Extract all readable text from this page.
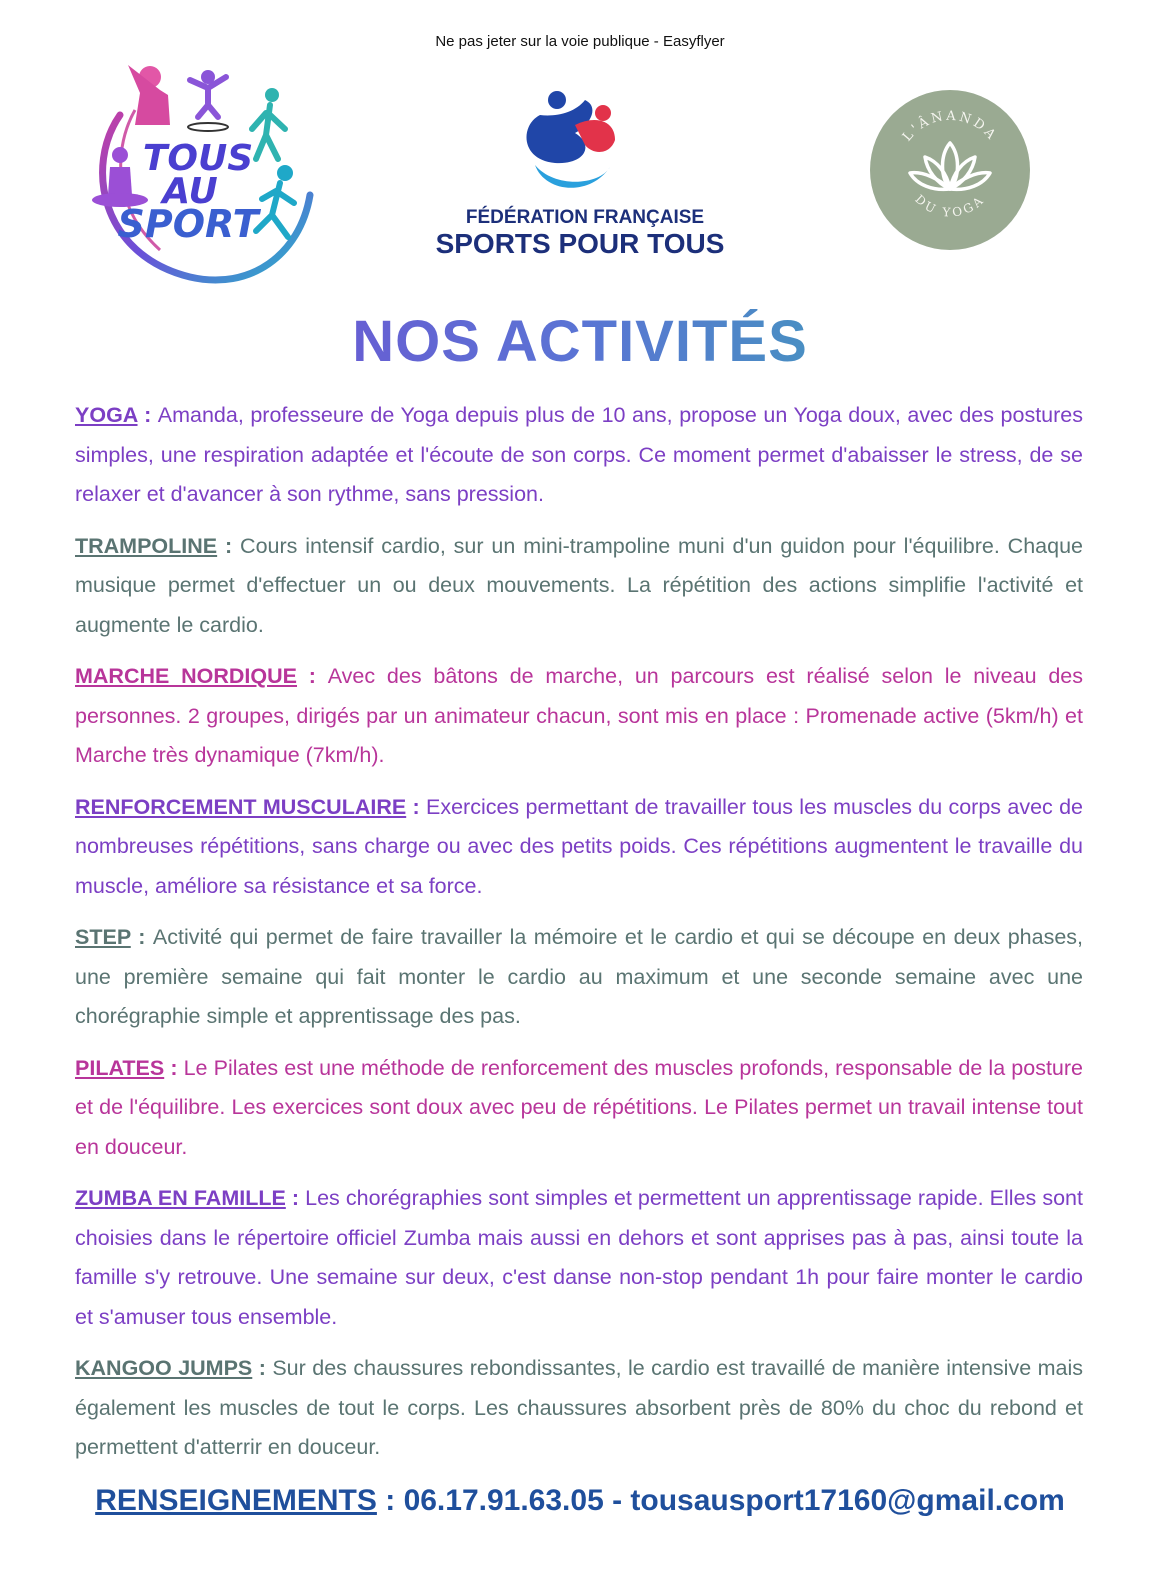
Ne pas jeter sur la voie publique - Easyflyer
TOUS
AU
SPORT	FÉDÉRATION FRANÇAISE
SPORTS POUR TOUS
L'ÂNANDA
DU YOGA
NOS ACTIVITÉS

YOGA : Amanda, professeure de Yoga depuis plus de 10 ans, propose un Yoga doux, avec des postures simples, une respiration adaptée et l'écoute de son corps. Ce moment permet d'abaisser le stress, de se relaxer et d'avancer à son rythme, sans pression.

TRAMPOLINE : Cours intensif cardio, sur un mini-trampoline muni d'un guidon pour l'équilibre. Chaque musique permet d'effectuer un ou deux mouvements. La répétition des actions simplifie l'activité et augmente le cardio.

MARCHE NORDIQUE : Avec des bâtons de marche, un parcours est réalisé selon le niveau des personnes. 2 groupes, dirigés par un animateur chacun, sont mis en place : Promenade active (5km/h) et Marche très dynamique (7km/h).

RENFORCEMENT MUSCULAIRE : Exercices permettant de travailler tous les muscles du corps avec de nombreuses répétitions, sans charge ou avec des petits poids. Ces répétitions augmentent le travaille du muscle, améliore sa résistance et sa force.

STEP : Activité qui permet de faire travailler la mémoire et le cardio et qui se découpe en deux phases, une première semaine qui fait monter le cardio au maximum et une seconde semaine avec une chorégraphie simple et apprentissage des pas.

PILATES : Le Pilates est une méthode de renforcement des muscles profonds, responsable de la posture et de l'équilibre. Les exercices sont doux avec peu de répétitions. Le Pilates permet un travail intense tout en douceur.

ZUMBA EN FAMILLE : Les chorégraphies sont simples et permettent un apprentissage rapide. Elles sont choisies dans le répertoire officiel Zumba mais aussi en dehors et sont apprises pas à pas, ainsi toute la famille s'y retrouve. Une semaine sur deux, c'est danse non-stop pendant 1h pour faire monter le cardio et s'amuser tous ensemble.

KANGOO JUMPS : Sur des chaussures rebondissantes, le cardio est travaillé de manière intensive mais également les muscles de tout le corps. Les chaussures absorbent près de 80% du choc du rebond et permettent d'atterrir en douceur.

RENSEIGNEMENTS : 06.17.91.63.05 - tousausport17160@gmail.com
